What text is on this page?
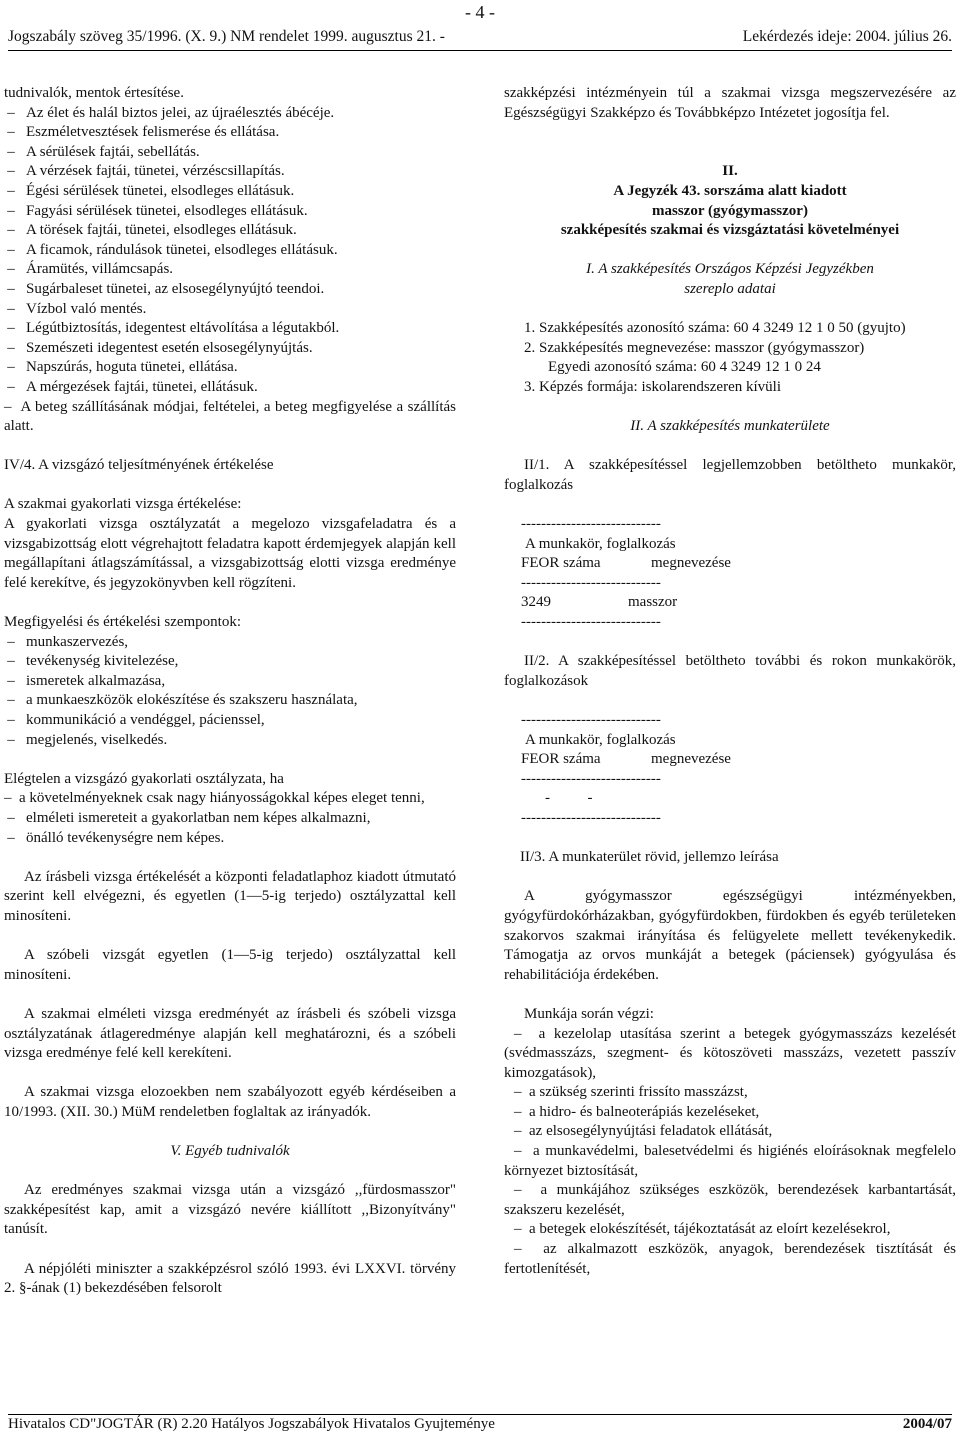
- 4 -
Jogszabály szöveg 35/1996. (X. 9.) NM rendelet 1999. augusztus 21. -	Lekérdezés ideje: 2004. július 26.

tudnivalók, mentok értesítése.

– Az élet és halál biztos jelei, az újraélesztés ábécéje.

– Eszméletvesztések felismerése és ellátása.

– A sérülések fajtái, sebellátás.

– A vérzések fajtái, tünetei, vérzéscsillapítás.

– Égési sérülések tünetei, elsodleges ellátásuk.

– Fagyási sérülések tünetei, elsodleges ellátásuk.

– A törések fajtái, tünetei, elsodleges ellátásuk.

– A ficamok, rándulások tünetei, elsodleges ellátásuk.

– Áramütés, villámcsapás.

– Sugárbaleset tünetei, az elsosegélynyújtó teendoi.

– Vízbol való mentés.

– Légútbiztosítás, idegentest eltávolítása a légutakból.

– Szemészeti idegentest esetén elsosegélynyújtás.

– Napszúrás, hoguta tünetei, ellátása.

– A mérgezések fajtái, tünetei, ellátásuk.

– –  A beteg szállításának módjai, feltételei, a beteg megfigyelése a szállítás alatt.

IV/4. A vizsgázó teljesítményének értékelése

A szakmai gyakorlati vizsga értékelése:

A gyakorlati vizsga osztályzatát a megelozo vizsgafeladatra és a vizsgabizottság elott végrehajtott feladatra kapott érdemjegyek alapján kell megállapítani átlagszámítással, a vizsgabizottság elotti vizsga eredménye felé kerekítve, és jegyzokönyvben kell rögzíteni.

Megfigyelési és értékelési szempontok:

– munkaszervezés,

– tevékenység kivitelezése,

– ismeretek alkalmazása,

– a munkaeszközök elokészítése és szakszeru használata,

– kommunikáció a vendéggel, pácienssel,

– megjelenés, viselkedés.

Elégtelen a vizsgázó gyakorlati osztályzata, ha

–  a követelményeknek csak nagy hiányosságokkal képes eleget tenni,

– elméleti ismereteit a gyakorlatban nem képes alkalmazni,

– önálló tevékenységre nem képes.

Az írásbeli vizsga értékelését a központi feladatlaphoz kiadott útmutató szerint kell elvégezni, és egyetlen (1—5-ig terjedo) osztályzattal kell minosíteni.

A szóbeli vizsgát egyetlen (1—5-ig terjedo) osztályzattal kell minosíteni.

A szakmai elméleti vizsga eredményét az írásbeli és szóbeli vizsga osztályzatának átlageredménye alapján kell meghatározni, és a szóbeli vizsga eredménye felé kell kerekíteni.

A szakmai vizsga elozoekben nem szabályozott egyéb kérdéseiben a 10/1993. (XII. 30.) MüM rendeletben foglaltak az irányadók.

V. Egyéb tudnivalók

Az eredményes szakmai vizsga után a vizsgázó ,,fürdosmasszor" szakképesítést kap, amit a vizsgázó nevére kiállított ,,Bizonyítvány" tanúsít.

A népjóléti miniszter a szakképzésrol szóló 1993. évi LXXVI. törvény 2. §-ának (1) bekezdésében felsorolt

szakképzési intézményein túl a szakmai vizsga megszervezésére az Egészségügyi Szakképzo és Továbbképzo Intézetet jogosítja fel.

II.

A Jegyzék 43. sorszáma alatt kiadott

masszor (gyógymasszor)

szakképesítés szakmai és vizsgáztatási követelményei

I. A szakképesítés Országos Képzési Jegyzékben

szereplo adatai

1. Szakképesítés azonosító száma: 60 4 3249 12 1 0 50 (gyujto)

2. Szakképesítés megnevezése: masszor (gyógymasszor)

Egyedi azonosító száma: 60 4 3249 12 1 0 24

3. Képzés formája: iskolarendszeren kívüli

II. A szakképesítés munkaterülete

II/1. A szakképesítéssel legjellemzobben betöltheto munkakör, foglalkozás

----------------------------

A munkakör, foglalkozás

FEOR száma	megnevezése

----------------------------

3249	masszor

----------------------------

II/2. A szakképesítéssel betöltheto további és rokon munkakörök, foglalkozások

----------------------------

A munkakör, foglalkozás

FEOR száma	megnevezése

----------------------------

-          -

----------------------------

II/3. A munkaterület rövid, jellemzo leírása

A gyógymasszor egészségügyi intézményekben, gyógyfürdokórházakban, gyógyfürdokben, fürdokben és egyéb területeken szakorvos szakmai irányítása és felügyelete mellett tevékenykedik. Támogatja az orvos munkáját a betegek (páciensek) gyógyulása és rehabilitációja érdekében.

Munkája során végzi:

–  a kezelolap utasítása szerint a betegek gyógymasszázs kezelését (svédmasszázs, szegment- és kötoszöveti masszázs, vezetett passzív kimozgatások),

–  a szükség szerinti frissíto masszázst,

–  a hidro- és balneoterápiás kezeléseket,

–  az elsosegélynyújtási feladatok ellátását,

–  a munkavédelmi, balesetvédelmi és higiénés eloírásoknak megfelelo környezet biztosítását,

–  a munkájához szükséges eszközök, berendezések karbantartását, szakszeru kezelését,

–  a betegek elokészítését, tájékoztatását az eloírt kezelésekrol,

–  az alkalmazott eszközök, anyagok, berendezések tisztítását és fertotlenítését,

Hivatalos CD"JOGTÁR (R) 2.20 Hatályos Jogszabályok Hivatalos Gyujteménye	2004/07
